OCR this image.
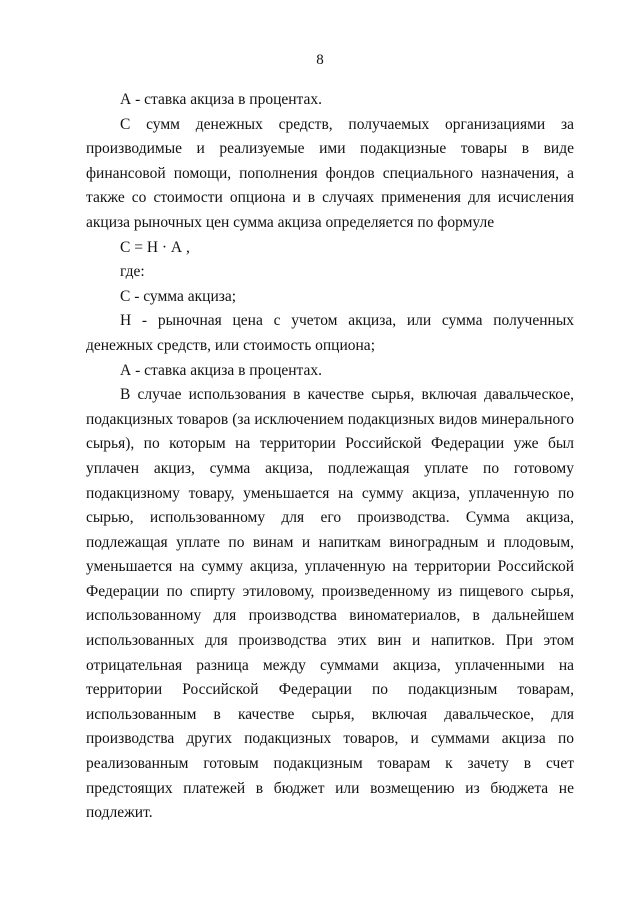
8

А - ставка акциза в процентах.

С сумм денежных средств, получаемых организациями за производимые и реализуемые ими подакцизные товары в виде финансовой помощи, пополнения фондов специального назначения, а также со стоимости опциона и в случаях применения для исчисления акциза рыночных цен сумма акциза определяется по формуле

С = Н · А ,

где:

С - сумма акциза;

Н - рыночная цена с учетом акциза, или сумма полученных денежных средств, или стоимость опциона;

А - ставка акциза в процентах.

В случае использования в качестве сырья, включая давальческое, подакцизных товаров (за исключением подакцизных видов минерального сырья), по которым на территории Российской Федерации уже был уплачен акциз, сумма акциза, подлежащая уплате по готовому подакцизному товару, уменьшается на сумму акциза, уплаченную по сырью, использованному для его производства. Сумма акциза, подлежащая уплате по винам и напиткам виноградным и плодовым, уменьшается на сумму акциза, уплаченную на территории Российской Федерации по спирту этиловому, произведенному из пищевого сырья, использованному для производства виноматериалов, в дальнейшем использованных для производства этих вин и напитков. При этом отрицательная разница между суммами акциза, уплаченными на территории Российской Федерации по подакцизным товарам, использованным в качестве сырья, включая давальческое, для производства других подакцизных товаров, и суммами акциза по реализованным готовым подакцизным товарам к зачету в счет предстоящих платежей в бюджет или возмещению из бюджета не подлежит.
